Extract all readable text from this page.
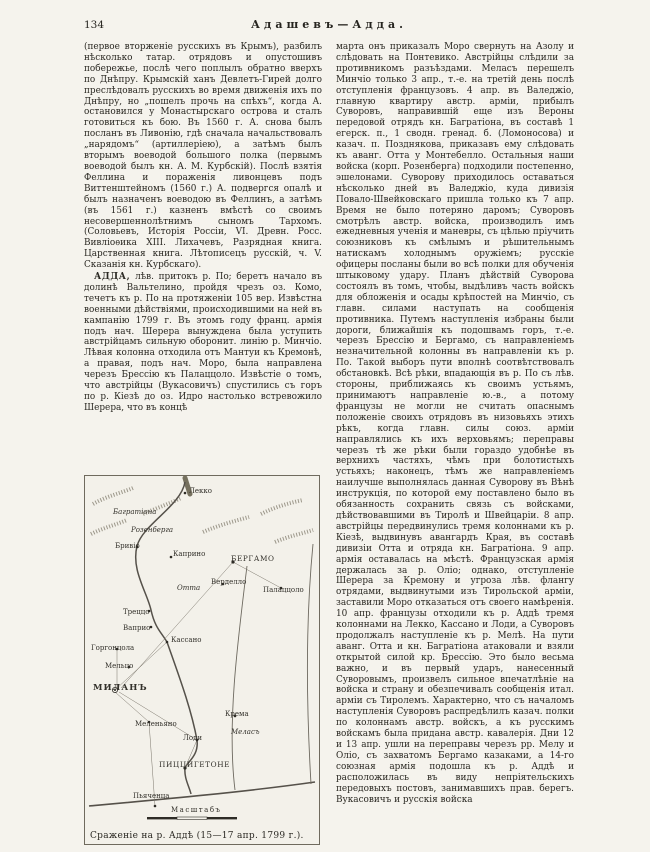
134	Адашевъ—Адда.

(первое вторженіе русскихъ въ Крымъ), разбилъ нѣсколько татар. отрядовъ и опустошивъ побережье, послѣ чего поплылъ обратно вверхъ по Днѣпру. Крымскій ханъ Девлетъ-Гирей долго преслѣдовалъ русскихъ во время движенія ихъ по Днѣпру, но „пошелъ прочь на спѣхъ“, когда А. остановился у Монастырскаго острова и сталъ готовиться къ бою. Въ 1560 г. А. снова былъ посланъ въ Ливонію, гдѣ сначала начальствовалъ „нарядомъ“ (артиллеріею), а затѣмъ былъ вторымъ воеводой большого полка (первымъ воеводой былъ кн. А. М. Курбскій). Послѣ взятія Феллина и пораженія ливонцевъ подъ Виттенштейномъ (1560 г.) А. подвергся опалѣ и былъ назначенъ воеводою въ Феллинъ, а затѣмъ (въ 1561 г.) казненъ вмѣстѣ со своимъ несовершеннолѣтнимъ сыномъ Тархомъ. (Соловьевъ, Исторія Россіи, VI. Древн. Росс. Вивліоѳика XIII. Лихачевъ, Разрядная книга. Царственная книга. Лѣтописецъ русскій, ч. V. Сказанія кн. Курбскаго).

АДДА, лѣв. притокъ р. По; беретъ начало въ долинѣ Вальтелино, пройдя чрезъ оз. Комо, течетъ къ р. По на протяженіи 105 вер. Извѣстна военными дѣйствіями, происходившими на ней въ кампанію 1799 г. Въ этомъ году франц. армія подъ нач. Шерера вынуждена была уступить австрійцамъ сильную оборонит. линію р. Минчіо. Лѣвая колонна отходила отъ Мантуи къ Кремонѣ, а правая, подъ нач. Моро, была направлена черезъ Брессію къ Палаццоло. Извѣстіе о томъ, что австрійцы (Вукасовичъ) спустились съ горъ по р. Кіезѣ до оз. Идро настолько встревожило Шерера, что въ концѣ

Лекко
Багратіона
Розенберга
Бривіо
Каприно	БЕРГАМО
Верделло
Отта	Палаццоло
Треццо
Ваприо
Кассано
Горгонцола
Мельцо
МИЛАНЪ
Крема
Меленьяно
Меласъ
Лоди
ПИЦЦИГЕТОНЕ
Пьяченца
Масштабъ
Сраженіе на р. Аддѣ (15—17 апр. 1799 г.).

марта онъ приказалъ Моро свернуть на Азолу и слѣдовать на Понтевико. Австрійцы слѣдили за противникомъ разъѣздами. Меласъ перешелъ Минчіо только 3 апр., т.-е. на третій день послѣ отступленія французовъ. 4 апр. въ Валеджіо, главную квартиру австр. арміи, прибылъ Суворовъ, направившій еще изъ Вероны передовой отрядъ кн. Багратіона, въ составѣ 1 егерск. п., 1 сводн. гренад. б. (Ломоносова) и казач. п. Позднякова, приказавъ ему слѣдовать къ аванг. Отта у Монтебелло. Остальныя наши войска (корп. Розенберга) подходили постепенно, эшелонами. Суворову приходилось оставаться нѣсколько дней въ Валеджіо, куда дивизія Повало-Швейковскаго пришла только къ 7 апр. Время не было потеряно даромъ; Суворовъ смотрѣлъ австр. войска, производилъ имъ ежедневныя ученія и маневры, съ цѣлью пріучить союзниковъ къ смѣлымъ и рѣшительнымъ натискамъ холоднымъ оружіемъ; русскіе офицеры посланы были во всѣ полки для обученія штыковому удару. Планъ дѣйствій Суворова состоялъ въ томъ, чтобы, выдѣливъ часть войскъ для обложенія и осады крѣпостей на Минчіо, съ главн. силами наступать на сообщенія противника. Путемъ наступленія избраны были дороги, ближайшія къ подошвамъ горъ, т.-е. черезъ Брессію и Бергамо, съ направленіемъ незначительной колонны въ направленіи къ р. По. Такой выборъ пути вполнѣ соотвѣтствовалъ обстановкѣ. Всѣ рѣки, впадающія въ р. По съ лѣв. стороны, приближаясь къ своимъ устьямъ, принимаютъ направленіе ю.-в., а потому французы не могли не считать опаснымъ положеніе своихъ отрядовъ въ низовьяхъ этихъ рѣкъ, когда главн. силы союз. арміи направлялись къ ихъ верховьямъ; переправы черезъ тѣ же рѣки были гораздо удобнѣе въ верхнихъ частяхъ, чѣмъ при болотистыхъ устьяхъ; наконецъ, тѣмъ же направленіемъ наилучше выполнялась данная Суворову въ Вѣнѣ инструкція, по которой ему поставлено было въ обязанность сохранить связь съ войсками, дѣйствовавшими въ Тиролѣ и Швейцаріи. 8 апр. австрійцы передвинулись тремя колоннами къ р. Кіезѣ, выдвинувъ авангардъ Края, въ составѣ дивизіи Отта и отряда кн. Багратіона. 9 апр. армія оставалась на мѣстѣ. Французская армія держалась за р. Оліо; однако, отступленіе Шерера за Кремону и угроза лѣв. флангу отрядами, выдвинутыми изъ Тирольской арміи, заставили Моро отказаться отъ своего намѣренія. 10 апр. французы отходили къ р. Аддѣ тремя колоннами на Лекко, Кассано и Лоди, а Суворовъ продолжалъ наступленіе къ р. Мелѣ. На пути аванг. Отта и кн. Багратіона атаковали и взяли открытой силой кр. Брессію. Это было весьма важно, и въ первый ударъ, нанесенный Суворовымъ, произвелъ сильное впечатлѣніе на войска и страну и обезпечивалъ сообщенія итал. арміи съ Тиролемъ. Характерно, что съ началомъ наступленія Суворовъ распредѣлилъ казач. полки по колоннамъ австр. войскъ, а къ русскимъ войскамъ была придана австр. кавалерія. Дни 12 и 13 апр. ушли на переправы черезъ рр. Мелу и Оліо, съ захватомъ Бергамо казаками, а 14-го союзная армія подошла къ р. Аддѣ и расположилась въ виду непріятельскихъ передовыхъ постовъ, занимавшихъ прав. берегъ. Вукасовичъ и русскія войска
